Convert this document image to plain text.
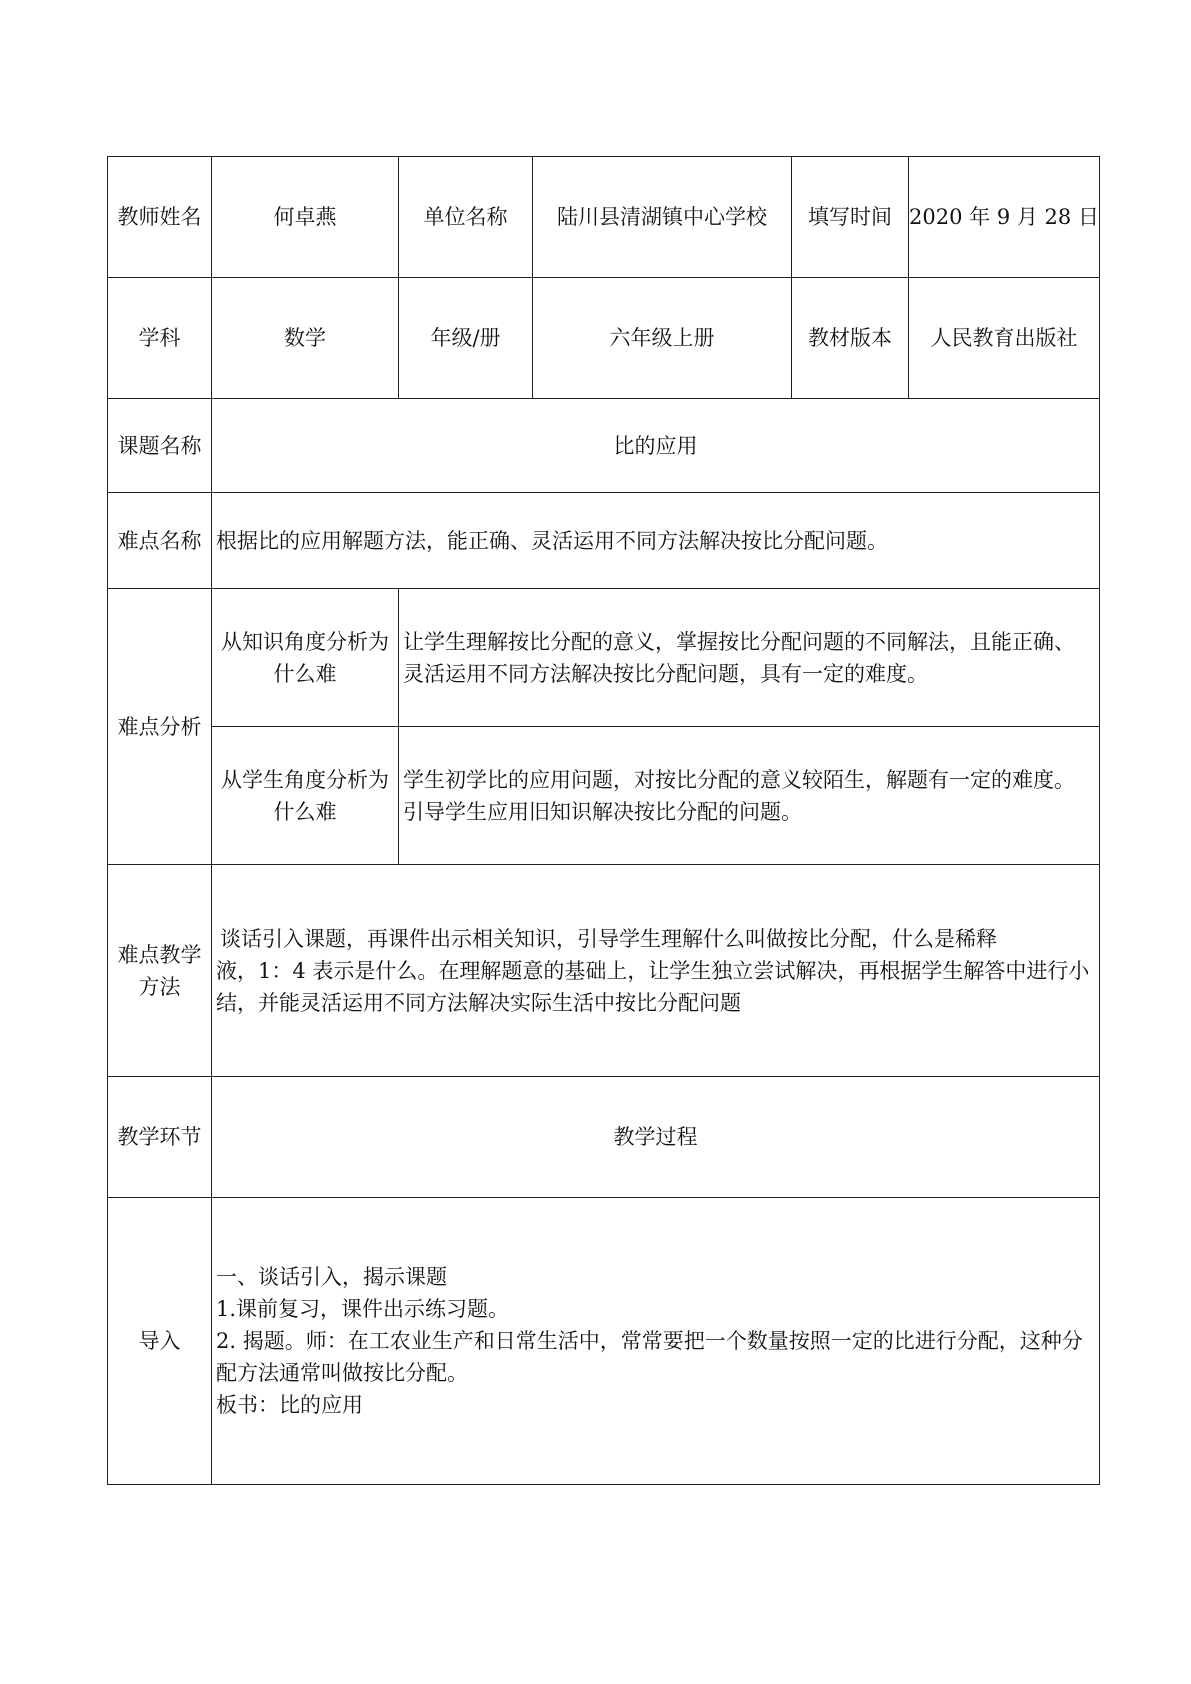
教师姓名	何卓燕	单位名称	陆川县清湖镇中心学校	填写时间	2020 年 9 月 28 日
学科	数学	年级/册	六年级上册	教材版本	人民教育出版社
课题名称	比的应用				
难点名称	根据比的应用解题方法，能正确、灵活运用不同方法解决按比分配问题。				
难点分析	从知识角度分析为什么难	让学生理解按比分配的意义，掌握按比分配问题的不同解法，且能正确、灵活运用不同方法解决按比分配问题，具有一定的难度。			
	从学生角度分析为什么难	学生初学比的应用问题，对按比分配的意义较陌生，解题有一定的难度。引导学生应用旧知识解决按比分配的问题。			
难点教学方法	谈话引入课题，再课件出示相关知识，引导学生理解什么叫做按比分配，什么是稀释
液，1：4 表示是什么。在理解题意的基础上，让学生独立尝试解决，再根据学生解答中进行小结，并能灵活运用不同方法解决实际生活中按比分配问题				

教学环节	教学过程				
导入	一、谈话引入，揭示课题
1.课前复习，课件出示练习题。
2. 揭题。师：在工农业生产和日常生活中，常常要把一个数量按照一定的比进行分配，这种分配方法通常叫做按比分配。
板书：比的应用				
